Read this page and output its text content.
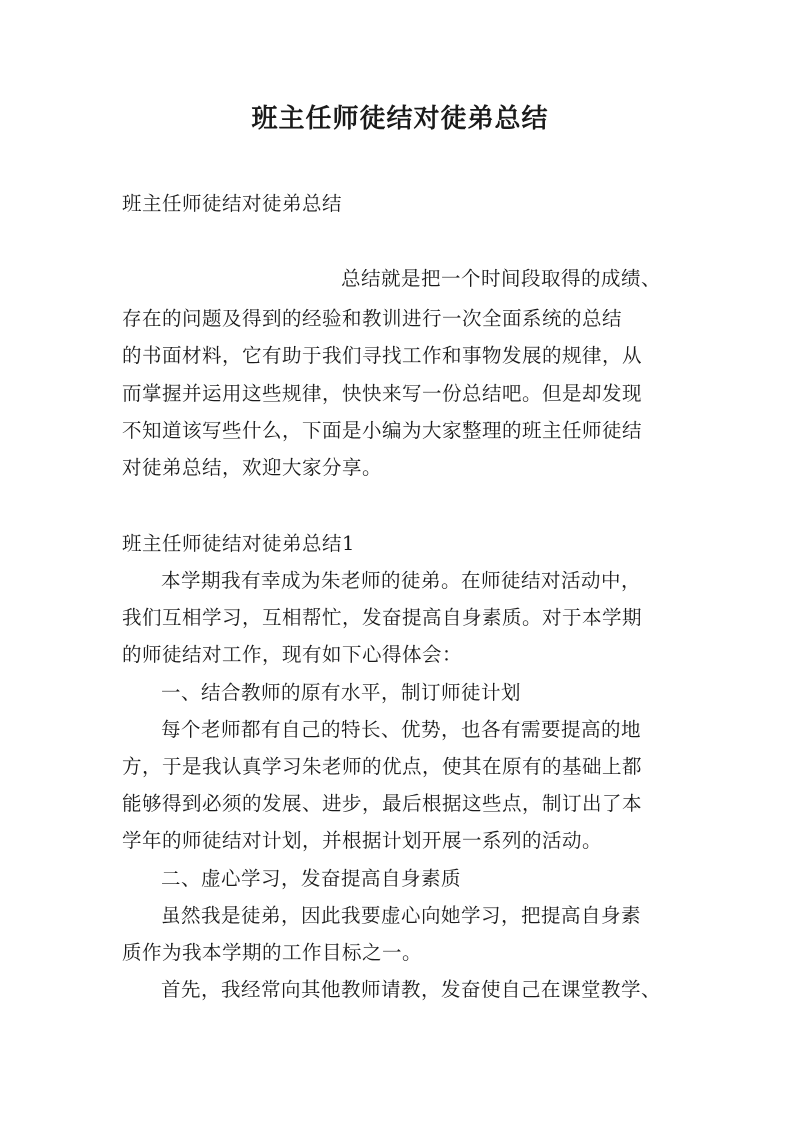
班主任师徒结对徒弟总结
班主任师徒结对徒弟总结
总结就是把一个时间段取得的成绩、
存在的问题及得到的经验和教训进行一次全面系统的总结
的书面材料，它有助于我们寻找工作和事物发展的规律，从
而掌握并运用这些规律，快快来写一份总结吧。但是却发现
不知道该写些什么，下面是小编为大家整理的班主任师徒结
对徒弟总结，欢迎大家分享。
班主任师徒结对徒弟总结1
本学期我有幸成为朱老师的徒弟。在师徒结对活动中，
我们互相学习，互相帮忙，发奋提高自身素质。对于本学期
的师徒结对工作，现有如下心得体会：
一、结合教师的原有水平，制订师徒计划
每个老师都有自己的特长、优势，也各有需要提高的地
方，于是我认真学习朱老师的优点，使其在原有的基础上都
能够得到必须的发展、进步，最后根据这些点，制订出了本
学年的师徒结对计划，并根据计划开展一系列的活动。
二、虚心学习，发奋提高自身素质
虽然我是徒弟，因此我要虚心向她学习，把提高自身素
质作为我本学期的工作目标之一。
首先，我经常向其他教师请教，发奋使自己在课堂教学、
